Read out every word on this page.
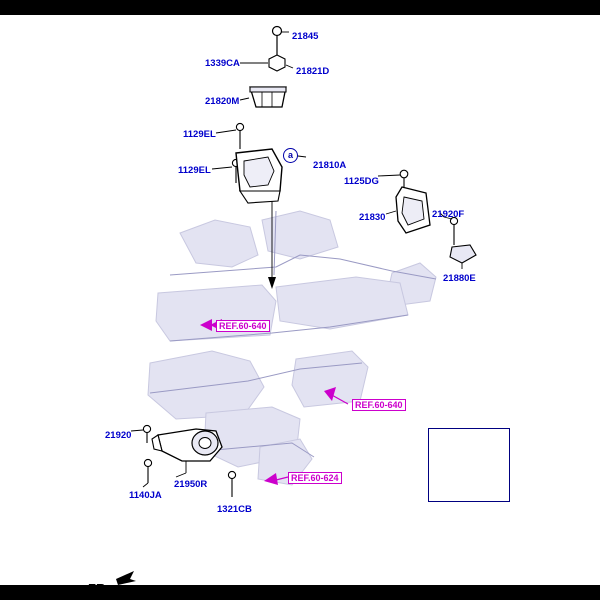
21845
1339CA
21821D
21820M
1129EL
1129EL	21810A
1125DG
21830	21920F
21880E
21920
1140JA
21950R
1321CB
REF.60-640
REF.60-640
REF.60-624
a
FR.
